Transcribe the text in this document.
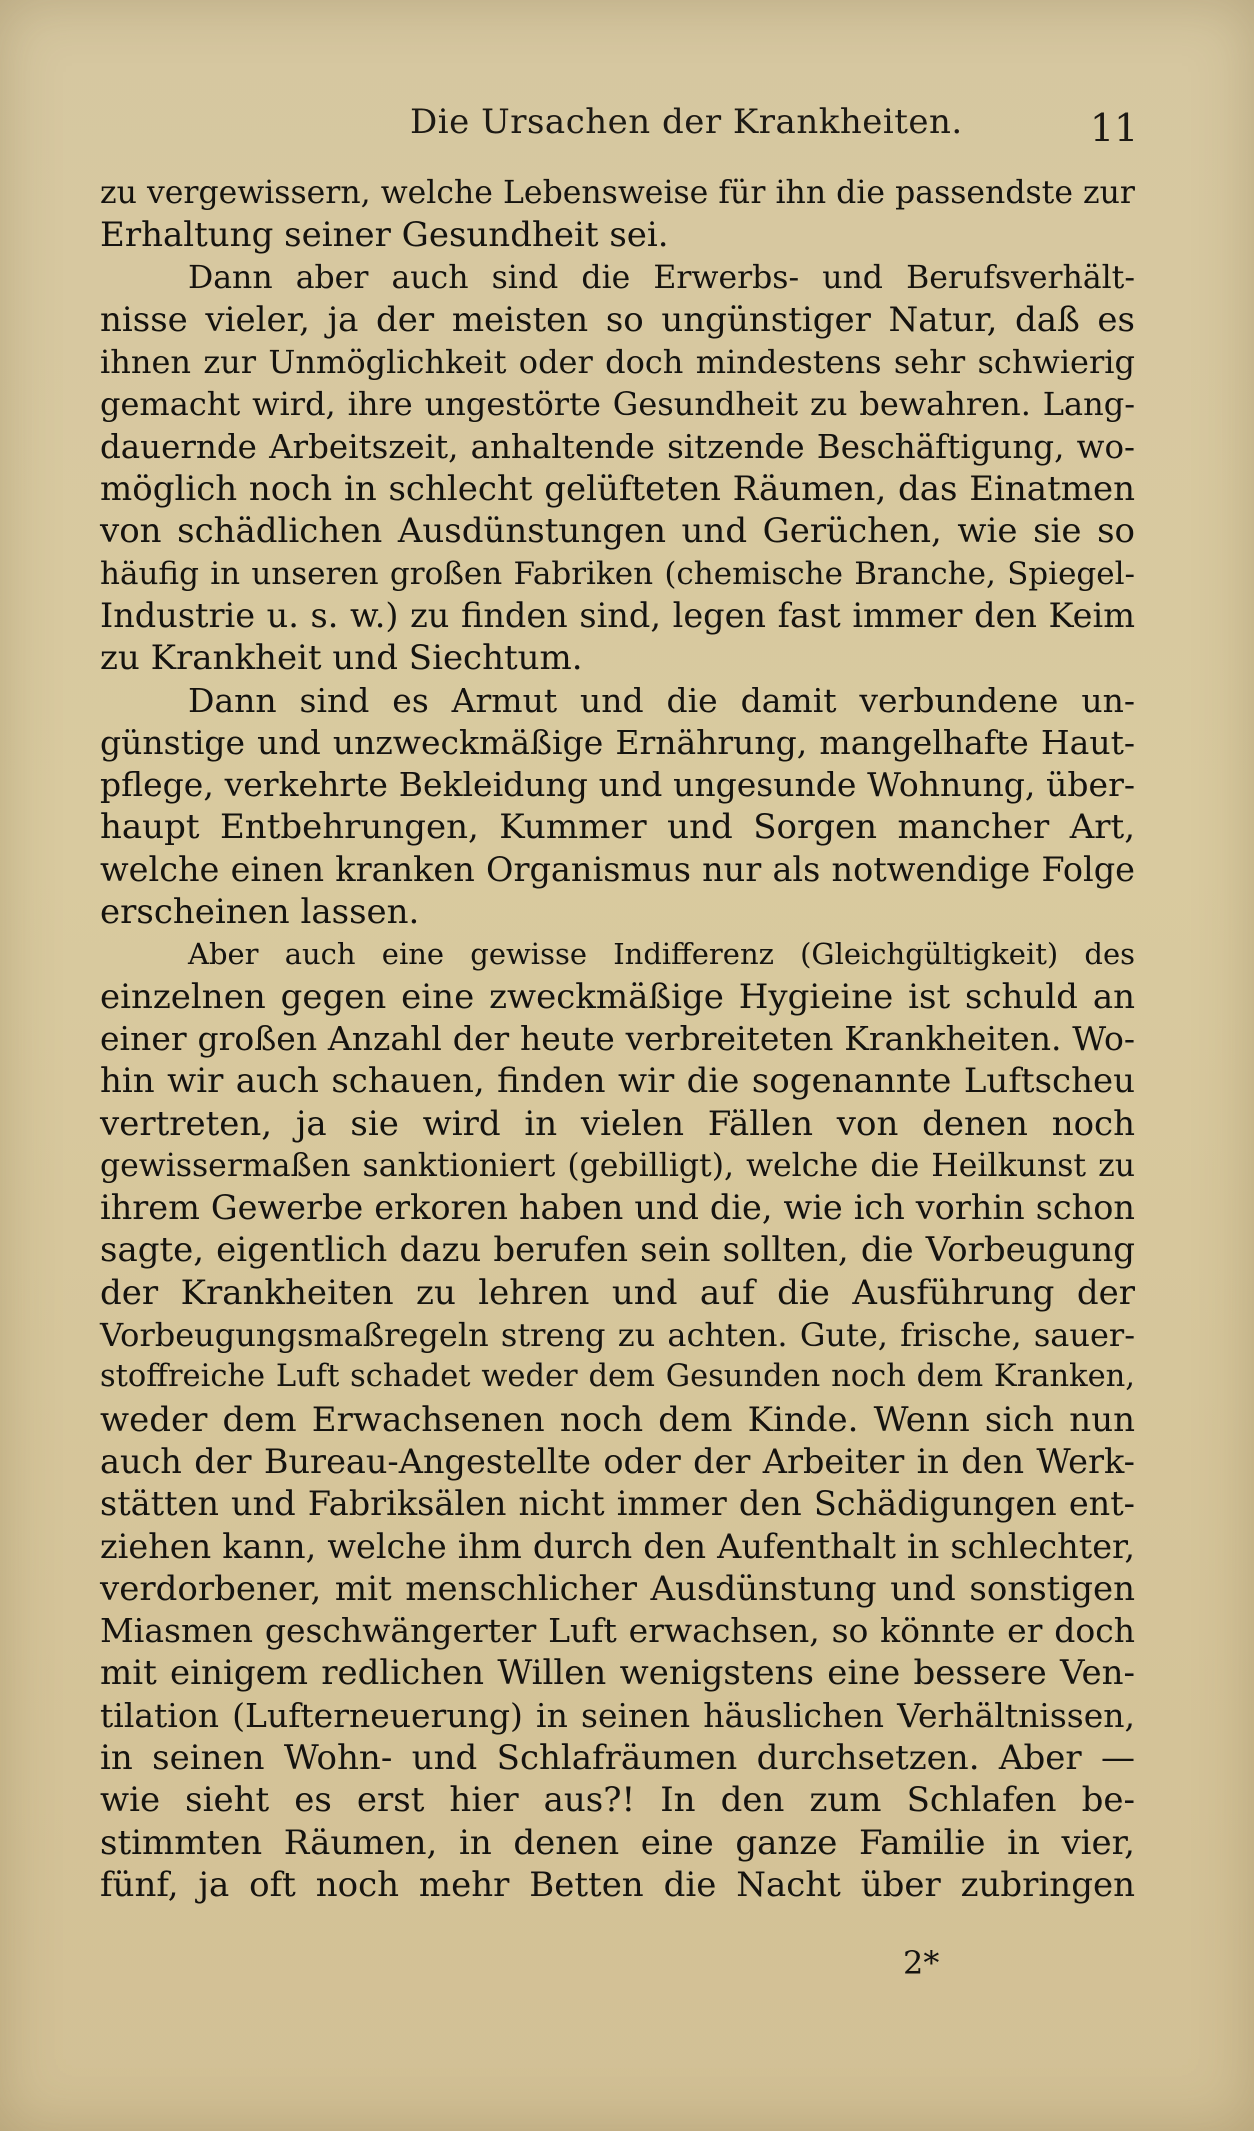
Die Ursachen der Krankheiten.	11
zu vergewissern, welche Lebensweise für ihn die passendste zur
Erhaltung seiner Gesundheit sei.
Dann aber auch sind die Erwerbs- und Berufsverhält-
nisse vieler, ja der meisten so ungünstiger Natur, daß es
ihnen zur Unmöglichkeit oder doch mindestens sehr schwierig
gemacht wird, ihre ungestörte Gesundheit zu bewahren. Lang-
dauernde Arbeitszeit, anhaltende sitzende Beschäftigung, wo-
möglich noch in schlecht gelüfteten Räumen, das Einatmen
von schädlichen Ausdünstungen und Gerüchen, wie sie so
häufig in unseren großen Fabriken (chemische Branche, Spiegel-
Industrie u. s. w.) zu finden sind, legen fast immer den Keim
zu Krankheit und Siechtum.
Dann sind es Armut und die damit verbundene un-
günstige und unzweckmäßige Ernährung, mangelhafte Haut-
pflege, verkehrte Bekleidung und ungesunde Wohnung, über-
haupt Entbehrungen, Kummer und Sorgen mancher Art,
welche einen kranken Organismus nur als notwendige Folge
erscheinen lassen.
Aber auch eine gewisse Indifferenz (Gleichgültigkeit) des
einzelnen gegen eine zweckmäßige Hygieine ist schuld an
einer großen Anzahl der heute verbreiteten Krankheiten. Wo-
hin wir auch schauen, finden wir die sogenannte Luftscheu
vertreten, ja sie wird in vielen Fällen von denen noch
gewissermaßen sanktioniert (gebilligt), welche die Heilkunst zu
ihrem Gewerbe erkoren haben und die, wie ich vorhin schon
sagte, eigentlich dazu berufen sein sollten, die Vorbeugung
der Krankheiten zu lehren und auf die Ausführung der
Vorbeugungsmaßregeln streng zu achten. Gute, frische, sauer-
stoffreiche Luft schadet weder dem Gesunden noch dem Kranken,
weder dem Erwachsenen noch dem Kinde. Wenn sich nun
auch der Bureau-Angestellte oder der Arbeiter in den Werk-
stätten und Fabriksälen nicht immer den Schädigungen ent-
ziehen kann, welche ihm durch den Aufenthalt in schlechter,
verdorbener, mit menschlicher Ausdünstung und sonstigen
Miasmen geschwängerter Luft erwachsen, so könnte er doch
mit einigem redlichen Willen wenigstens eine bessere Ven-
tilation (Lufterneuerung) in seinen häuslichen Verhältnissen,
in seinen Wohn- und Schlafräumen durchsetzen. Aber —
wie sieht es erst hier aus?! In den zum Schlafen be-
stimmten Räumen, in denen eine ganze Familie in vier,
fünf, ja oft noch mehr Betten die Nacht über zubringen
2*
